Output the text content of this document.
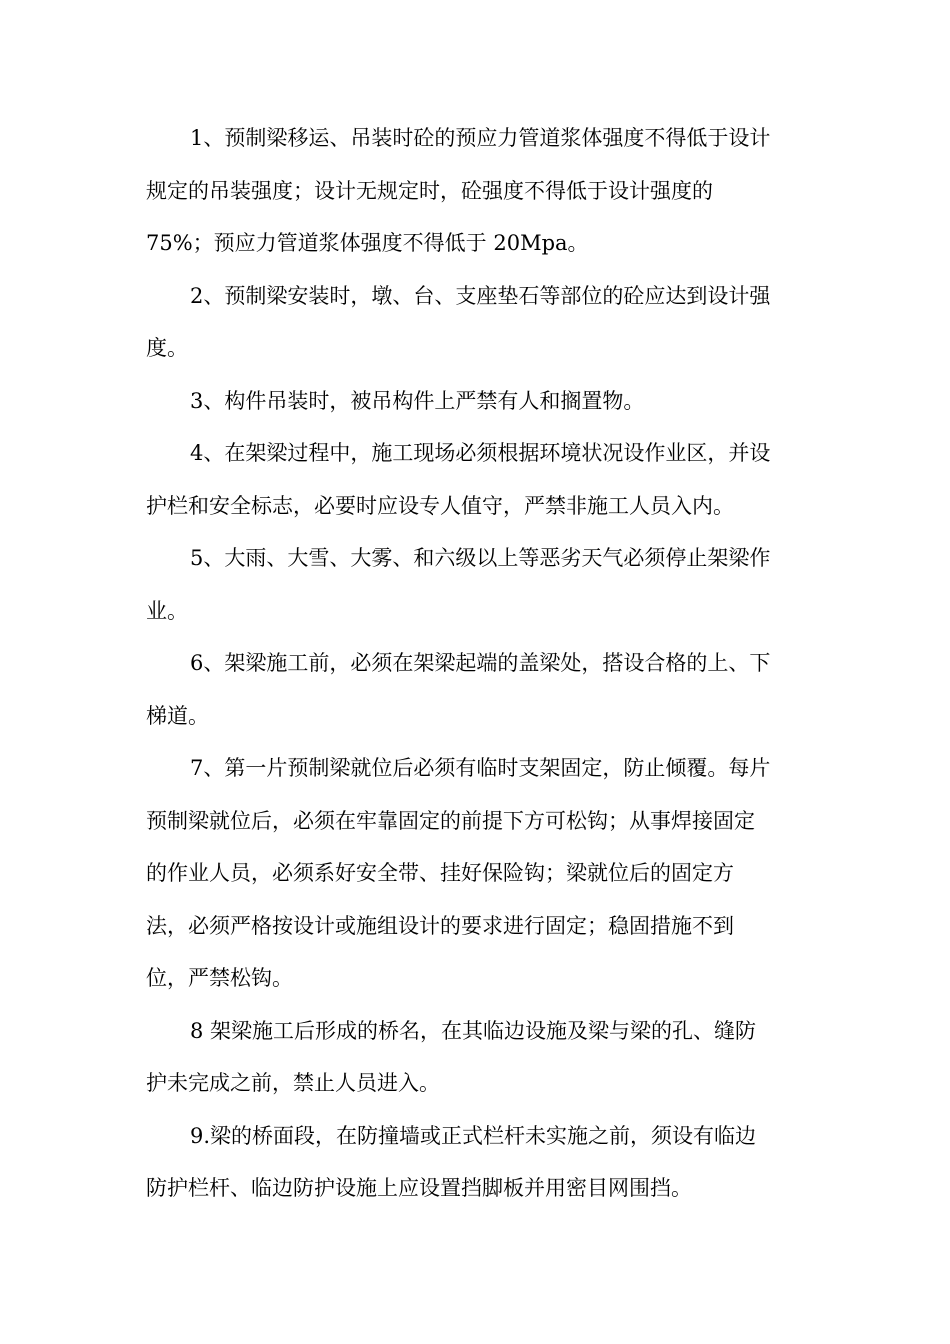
1、预制梁移运、吊装时砼的预应力管道浆体强度不得低于设计
规定的吊装强度；设计无规定时，砼强度不得低于设计强度的
75%；预应力管道浆体强度不得低于 20Mpa。
2、预制梁安装时，墩、台、支座垫石等部位的砼应达到设计强
度。
3、构件吊装时，被吊构件上严禁有人和搁置物。
4、在架梁过程中，施工现场必须根据环境状况设作业区，并设
护栏和安全标志，必要时应设专人值守，严禁非施工人员入内。
5、大雨、大雪、大雾、和六级以上等恶劣天气必须停止架梁作
业。
6、架梁施工前，必须在架梁起端的盖梁处，搭设合格的上、下
梯道。
7、第一片预制梁就位后必须有临时支架固定，防止倾覆。每片
预制梁就位后，必须在牢靠固定的前提下方可松钩；从事焊接固定
的作业人员，必须系好安全带、挂好保险钩；梁就位后的固定方
法，必须严格按设计或施组设计的要求进行固定；稳固措施不到
位，严禁松钩。
8 架梁施工后形成的桥名，在其临边设施及梁与梁的孔、缝防
护未完成之前，禁止人员进入。
9.梁的桥面段，在防撞墙或正式栏杆未实施之前，须设有临边
防护栏杆、临边防护设施上应设置挡脚板并用密目网围挡。
